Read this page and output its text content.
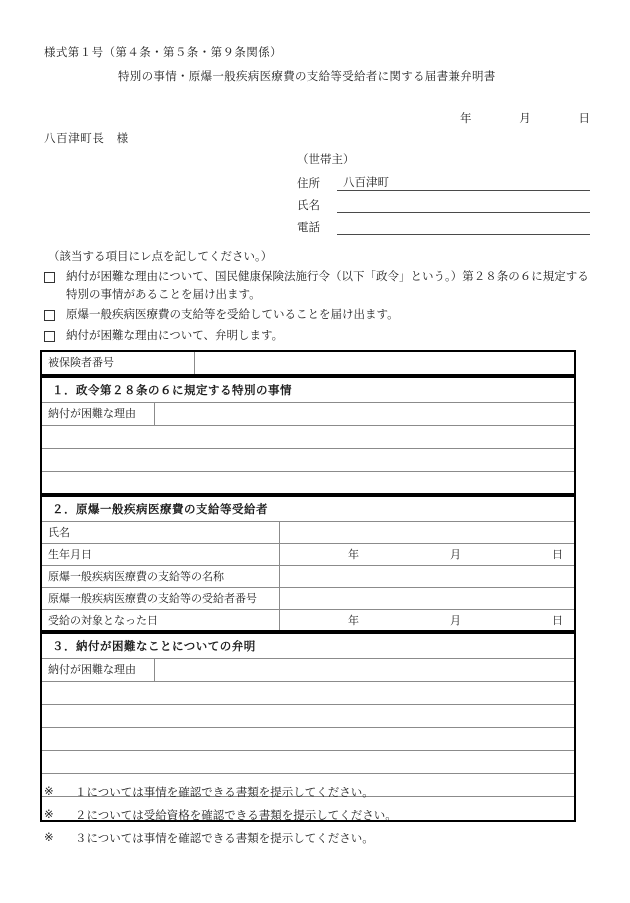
様式第１号（第４条・第５条・第９条関係）
特別の事情・原爆一般疾病医療費の支給等受給者に関する届書兼弁明書
年	月	日
八百津町長　様
（世帯主）
住所	八百津町
氏名
電話
（該当する項目にレ点を記してください。）
納付が困難な理由について、国民健康保険法施行令（以下「政令」という。）第２８条の６に規定する特別の事情があることを届け出ます。
原爆一般疾病医療費の支給等を受給していることを届け出ます。
納付が困難な理由について、弁明します。
被保険者番号
１．政令第２８条の６に規定する特別の事情
納付が困難な理由
２．原爆一般疾病医療費の支給等受給者
氏名
生年月日	年	月	日
原爆一般疾病医療費の支給等の名称
原爆一般疾病医療費の支給等の受給者番号
受給の対象となった日	年	月	日
３．納付が困難なことについての弁明
納付が困難な理由
※	１については事情を確認できる書類を提示してください。
※	２については受給資格を確認できる書類を提示してください。
※	３については事情を確認できる書類を提示してください。
